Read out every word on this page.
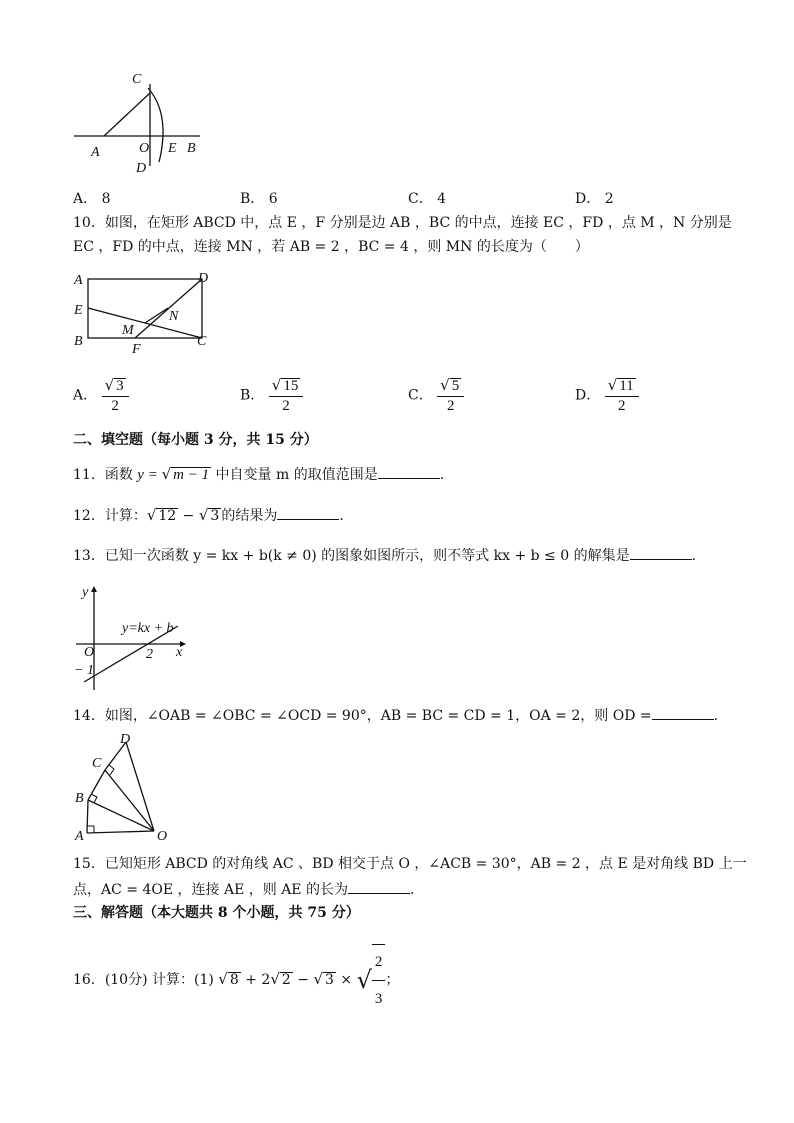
C
A	O E B
D
A． 8	B． 6	C． 4	D． 2
10．如图，在矩形 ABCD 中，点 E ，F 分别是边 AB ，BC 的中点，连接 EC ，FD ，点 M ，N 分别是
EC ，FD 的中点，连接 MN ，若 AB = 2 ，BC = 4 ，则 MN 的长度为（　　）
A	D
E	N
M
B
F
C
A． $\frac{√ 3}{2}$	B． $\frac{√ 15}{2}$	C． $\frac{√ 5}{2}$	D． $\frac{√ 11}{2}$
二、填空题（每小题 3 分，共 15 分）
11．函数 y = √ m − 1 中自变量 m 的取值范围是	.
12．计算：√ 12 − √ 3 的结果为	.
13．已知一次函数 y = kx + b(k ≠ 0) 的图象如图所示，则不等式 kx + b ≤ 0 的解集是	.
y
y=kx + b
O	2 x
− 1
14．如图，∠OAB = ∠OBC = ∠OCD = 90°，AB = BC = CD = 1，OA = 2，则 OD =	.
D
C
B
A	O
15．已知矩形 ABCD 的对角线 AC 、BD 相交于点 O ，∠ACB = 30°，AB = 2 ，点 E 是对角线 BD 上一
点，AC = 4OE ，连接 AE ，则 AE 的长为	.
三、解答题（本大题共 8 个小题，共 75 分）
16．(10分) 计算：(1) √ 8 + 2√ 2 − √ 3 × √ $\frac{2}{3}$ ；
